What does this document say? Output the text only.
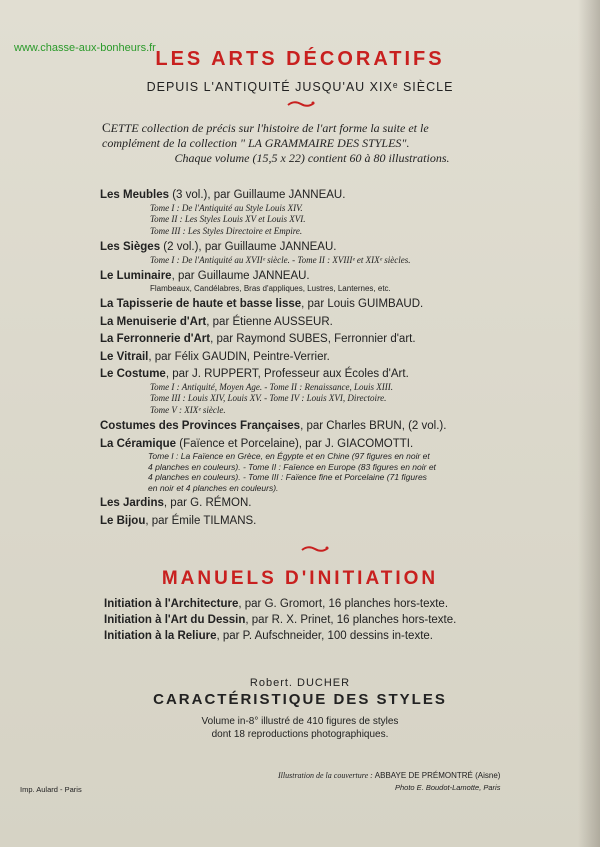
www.chasse-aux-bonheurs.fr LES ARTS DÉCORATIFS
DEPUIS L'ANTIQUITÉ JUSQU'AU XIXᵉ SIÈCLE
CETTE collection de précis sur l'histoire de l'art forme la suite et le
complément de la collection " LA GRAMMAIRE DES STYLES".
Chaque volume (15,5 x 22) contient 60 à 80 illustrations.
Les Meubles (3 vol.), par Guillaume JANNEAU.
Tome I : De l'Antiquité au Style Louis XIV.
Tome II : Les Styles Louis XV et Louis XVI.
Tome III : Les Styles Directoire et Empire.
Les Sièges (2 vol.), par Guillaume JANNEAU.
Tome I : De l'Antiquité au XVIIᵉ siècle. - Tome II : XVIIIᵉ et XIXᵉ siècles.
Le Luminaire, par Guillaume JANNEAU.
Flambeaux, Candélabres, Bras d'appliques, Lustres, Lanternes, etc.
La Tapisserie de haute et basse lisse, par Louis GUIMBAUD.
La Menuiserie d'Art, par Étienne AUSSEUR.
La Ferronnerie d'Art, par Raymond SUBES, Ferronnier d'art.
Le Vitrail, par Félix GAUDIN, Peintre-Verrier.
Le Costume, par J. RUPPERT, Professeur aux Écoles d'Art.
Tome I : Antiquité, Moyen Age. - Tome II : Renaissance, Louis XIII.
Tome III : Louis XIV, Louis XV. - Tome IV : Louis XVI, Directoire.
Tome V : XIXᵉ siècle.
Costumes des Provinces Françaises, par Charles BRUN, (2 vol.).
La Céramique (Faïence et Porcelaine), par J. GIACOMOTTI.
Tome I : La Faïence en Grèce, en Égypte et en Chine (97 figures en noir et
4 planches en couleurs). - Tome II : Faïence en Europe (83 figures en noir et
4 planches en couleurs). - Tome III : Faïence fine et Porcelaine (71 figures
en noir et 4 planches en couleurs).
Les Jardins, par G. RÉMON.
Le Bijou, par Émile TILMANS.
MANUELS D'INITIATION
Initiation à l'Architecture, par G. Gromort, 16 planches hors-texte.
Initiation à l'Art du Dessin, par R. X. Prinet, 16 planches hors-texte.
Initiation à la Reliure, par P. Aufschneider, 100 dessins in-texte.
Robert. DUCHER
CARACTÉRISTIQUE DES STYLES
Volume in-8° illustré de 410 figures de styles
dont 18 reproductions photographiques.
Imp. Aulard - Paris
Illustration de la couverture : ABBAYE DE PRÉMONTRÉ (Aisne)
Photo E. Boudot-Lamotte, Paris
